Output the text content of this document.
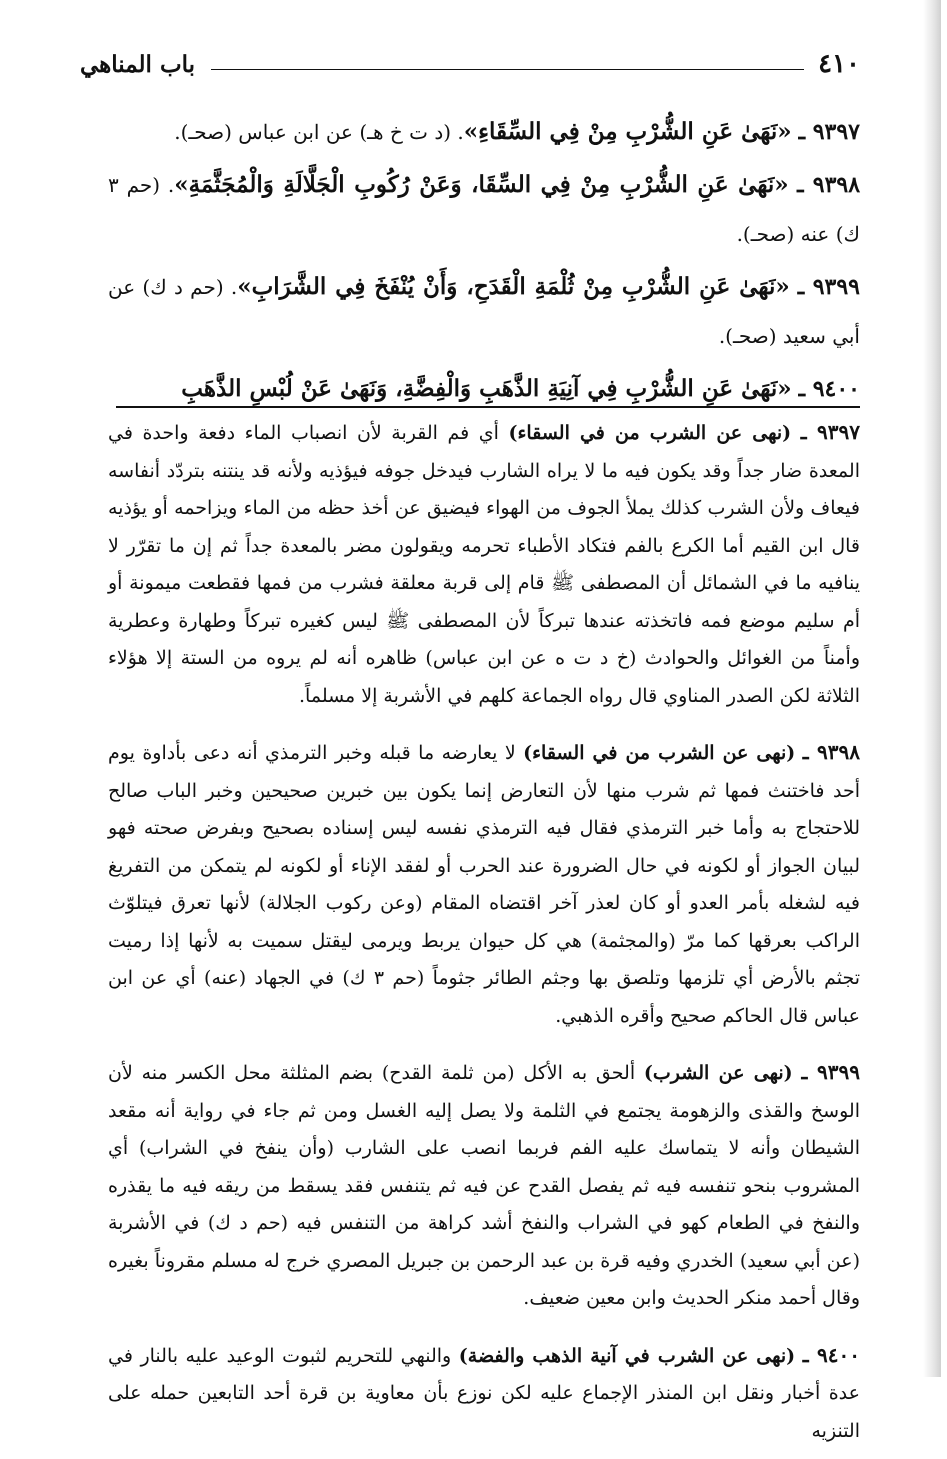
٤١٠
باب المناهي
٩٣٩٧ ـ «نَهَىٰ عَنِ الشُّرْبِ مِنْ فِي السِّقَاءِ». (د ت خ هـ) عن ابن عباس (صحـ).
٩٣٩٨ ـ «نَهَىٰ عَنِ الشُّرْبِ مِنْ فِي السِّقَا، وَعَنْ رُكُوبِ الْجَلَّالَةِ وَالْمُجَثَّمَةِ». (حم ٣ ك) عنه (صحـ).
٩٣٩٩ ـ «نَهَىٰ عَنِ الشُّرْبِ مِنْ ثُلْمَةِ الْقَدَحِ، وَأَنْ يُنْفَخَ فِي الشَّرَابِ». (حم د ك) عن أبي سعيد (صحـ).
٩٤٠٠ ـ «نَهَىٰ عَنِ الشُّرْبِ فِي آنِيَةِ الذَّهَبِ وَالْفِضَّةِ، وَنَهَىٰ عَنْ لُبْسِ الذَّهَبِ

٩٣٩٧ ـ (نهى عن الشرب من في السقاء) أي فم القربة لأن انصباب الماء دفعة واحدة في المعدة ضار جداً وقد يكون فيه ما لا يراه الشارب فيدخل جوفه فيؤذيه ولأنه قد ينتنه بتردّد أنفاسه فيعاف ولأن الشرب كذلك يملأ الجوف من الهواء فيضيق عن أخذ حظه من الماء ويزاحمه أو يؤذيه قال ابن القيم أما الكرع بالفم فتكاد الأطباء تحرمه ويقولون مضر بالمعدة جداً ثم إن ما تقرّر لا ينافيه ما في الشمائل أن المصطفى ﷺ قام إلى قربة معلقة فشرب من فمها فقطعت ميمونة أو أم سليم موضع فمه فاتخذته عندها تبركاً لأن المصطفى ﷺ ليس كغيره تبركاً وطهارة وعطرية وأمناً من الغوائل والحوادث (خ د ت ه عن ابن عباس) ظاهره أنه لم يروه من الستة إلا هؤلاء الثلاثة لكن الصدر المناوي قال رواه الجماعة كلهم في الأشربة إلا مسلماً.

٩٣٩٨ ـ (نهى عن الشرب من في السقاء) لا يعارضه ما قبله وخبر الترمذي أنه دعى بأداوة يوم أحد فاختنث فمها ثم شرب منها لأن التعارض إنما يكون بين خبرين صحيحين وخبر الباب صالح للاحتجاج به وأما خبر الترمذي فقال فيه الترمذي نفسه ليس إسناده بصحيح وبفرض صحته فهو لبيان الجواز أو لكونه في حال الضرورة عند الحرب أو لفقد الإناء أو لكونه لم يتمكن من التفريغ فيه لشغله بأمر العدو أو كان لعذر آخر اقتضاه المقام (وعن ركوب الجلالة) لأنها تعرق فيتلوّث الراكب بعرقها كما مرّ (والمجثمة) هي كل حيوان يربط ويرمى ليقتل سميت به لأنها إذا رميت تجثم بالأرض أي تلزمها وتلصق بها وجثم الطائر جثوماً (حم ٣ ك) في الجهاد (عنه) أي عن ابن عباس قال الحاكم صحيح وأقره الذهبي.

٩٣٩٩ ـ (نهى عن الشرب) ألحق به الأكل (من ثلمة القدح) بضم المثلثة محل الكسر منه لأن الوسخ والقذى والزهومة يجتمع في الثلمة ولا يصل إليه الغسل ومن ثم جاء في رواية أنه مقعد الشيطان وأنه لا يتماسك عليه الفم فربما انصب على الشارب (وأن ينفخ في الشراب) أي المشروب بنحو تنفسه فيه ثم يفصل القدح عن فيه ثم يتنفس فقد يسقط من ريقه فيه ما يقذره والنفخ في الطعام كهو في الشراب والنفخ أشد كراهة من التنفس فيه (حم د ك) في الأشربة (عن أبي سعيد) الخدري وفيه قرة بن عبد الرحمن بن جبريل المصري خرج له مسلم مقروناً بغيره وقال أحمد منكر الحديث وابن معين ضعيف.

٩٤٠٠ ـ (نهى عن الشرب في آنية الذهب والفضة) والنهي للتحريم لثبوت الوعيد عليه بالنار في عدة أخبار ونقل ابن المنذر الإجماع عليه لكن نوزع بأن معاوية بن قرة أحد التابعين حمله على التنزيه
